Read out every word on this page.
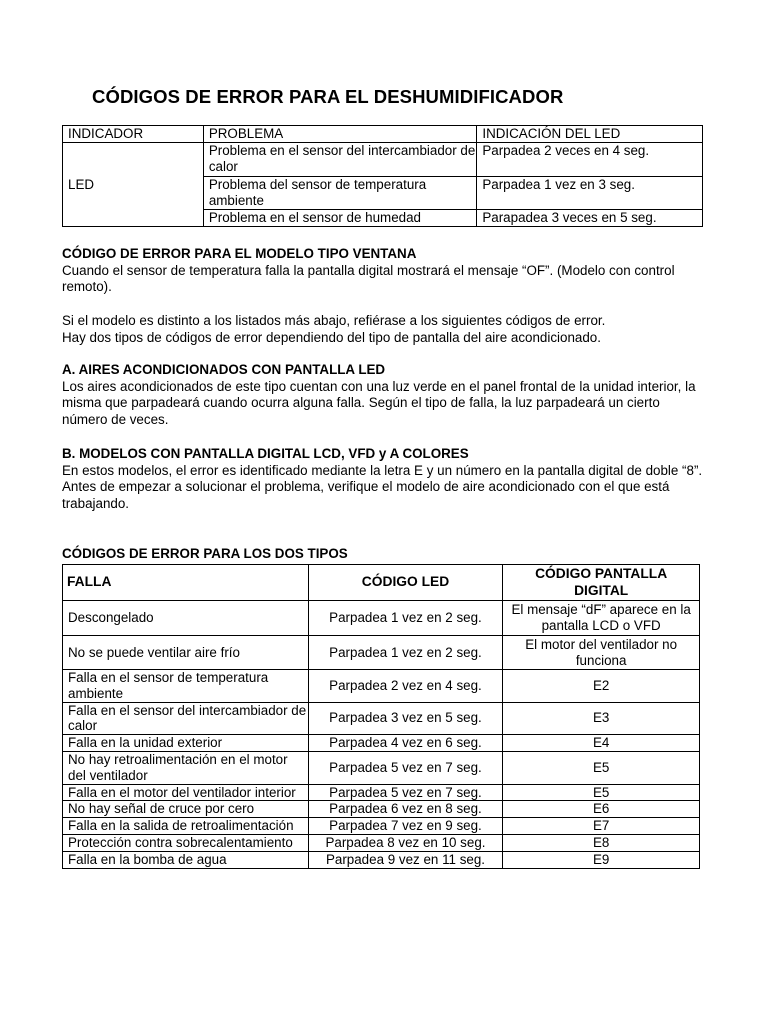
CÓDIGOS DE ERROR PARA EL DESHUMIDIFICADOR
INDICADOR	PROBLEMA	INDICACIÓN DEL LED
LED	Problema en el sensor del intercambiador de calor	Parpadea 2 veces en 4 seg.
	Problema del sensor de temperatura ambiente	Parpadea 1 vez en 3 seg.
	Problema en el sensor de humedad	Parapadea 3 veces en 5 seg.
CÓDIGO DE ERROR PARA EL MODELO TIPO VENTANA
Cuando el sensor de temperatura falla la pantalla digital mostrará el mensaje “OF”. (Modelo con control remoto).
Si el modelo es distinto a los listados más abajo, refiérase a los siguientes códigos de error.
Hay dos tipos de códigos de error dependiendo del tipo de pantalla del aire acondicionado.
A. AIRES ACONDICIONADOS CON PANTALLA LED
Los aires acondicionados de este tipo cuentan con una luz verde en el panel frontal de la unidad interior, la misma que parpadeará cuando ocurra alguna falla. Según el tipo de falla, la luz parpadeará un cierto número de veces.
B. MODELOS CON PANTALLA DIGITAL LCD, VFD y A COLORES
En estos modelos, el error es identificado mediante la letra E y un número en la pantalla digital de doble “8”.
Antes de empezar a solucionar el problema, verifique el modelo de aire acondicionado con el que está trabajando.
CÓDIGOS DE ERROR PARA LOS DOS TIPOS
FALLA	CÓDIGO LED	CÓDIGO PANTALLA DIGITAL
Descongelado	Parpadea 1 vez en 2 seg.	El mensaje “dF” aparece en la pantalla LCD o VFD
No se puede ventilar aire frío	Parpadea 1 vez en 2 seg.	El motor del ventilador no funciona
Falla en el sensor de temperatura ambiente	Parpadea 2 vez en 4 seg.	E2
Falla en el sensor del intercambiador de calor	Parpadea 3 vez en 5 seg.	E3
Falla en la unidad exterior	Parpadea 4 vez en 6 seg.	E4
No hay retroalimentación en el motor del ventilador	Parpadea 5 vez en 7 seg.	E5
Falla en el motor del ventilador interior	Parpadea 5 vez en 7 seg.	E5
No hay señal de cruce por cero	Parpadea 6 vez en 8 seg.	E6
Falla en la salida de retroalimentación	Parpadea 7 vez en 9 seg.	E7
Protección contra sobrecalentamiento	Parpadea 8 vez en 10 seg.	E8
Falla en la bomba de agua	Parpadea 9 vez en 11 seg.	E9
